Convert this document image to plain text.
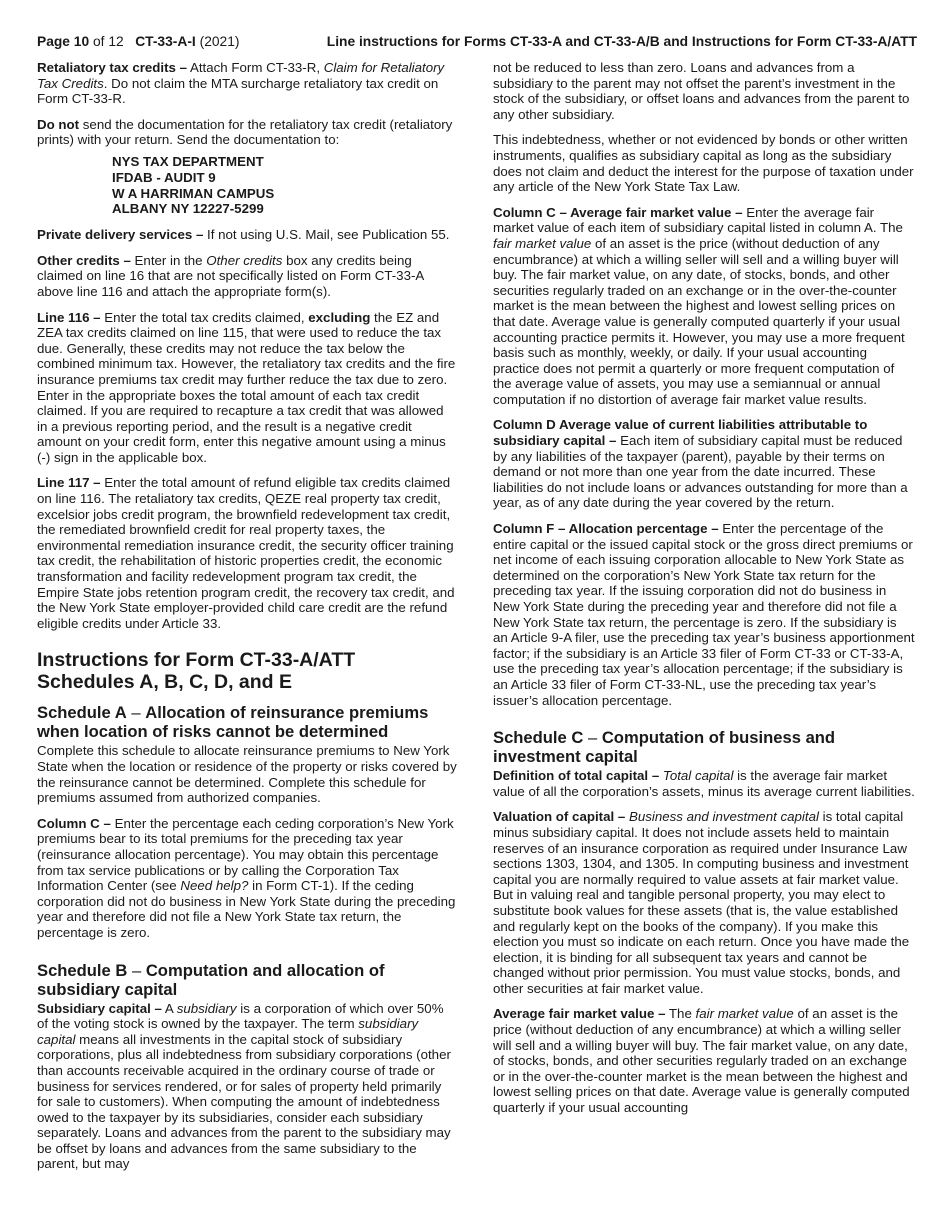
Page 10 of 12 CT-33-A-I (2021)	Line instructions for Forms CT-33-A and CT-33-A/B and Instructions for Form CT-33-A/ATT

Retaliatory tax credits – Attach Form CT-33-R, Claim for Retaliatory Tax Credits. Do not claim the MTA surcharge retaliatory tax credit on Form CT-33-R.

Do not send the documentation for the retaliatory tax credit (retaliatory prints) with your return. Send the documentation to:

NYS TAX DEPARTMENT
IFDAB - AUDIT 9
W A HARRIMAN CAMPUS
ALBANY NY 12227-5299

Private delivery services – If not using U.S. Mail, see Publication 55.

Other credits – Enter in the Other credits box any credits being claimed on line 16 that are not specifically listed on Form CT-33-A above line 116 and attach the appropriate form(s).

Line 116 – Enter the total tax credits claimed, excluding the EZ and ZEA tax credits claimed on line 115, that were used to reduce the tax due. Generally, these credits may not reduce the tax below the combined minimum tax. However, the retaliatory tax credits and the fire insurance premiums tax credit may further reduce the tax due to zero. Enter in the appropriate boxes the total amount of each tax credit claimed. If you are required to recapture a tax credit that was allowed in a previous reporting period, and the result is a negative credit amount on your credit form, enter this negative amount using a minus (-) sign in the applicable box.

Line 117 – Enter the total amount of refund eligible tax credits claimed on line 116. The retaliatory tax credits, QEZE real property tax credit, excelsior jobs credit program, the brownfield redevelopment tax credit, the remediated brownfield credit for real property taxes, the environmental remediation insurance credit, the security officer training tax credit, the rehabilitation of historic properties credit, the economic transformation and facility redevelopment program tax credit, the Empire State jobs retention program credit, the recovery tax credit, and the New York State employer-provided child care credit are the refund eligible credits under Article 33.

Instructions for Form CT-33-A/ATT
Schedules A, B, C, D, and E
Schedule A – Allocation of reinsurance premiums when location of risks cannot be determined

Complete this schedule to allocate reinsurance premiums to New York State when the location or residence of the property or risks covered by the reinsurance cannot be determined. Complete this schedule for premiums assumed from authorized companies.

Column C – Enter the percentage each ceding corporation’s New York premiums bear to its total premiums for the preceding tax year (reinsurance allocation percentage). You may obtain this percentage from tax service publications or by calling the Corporation Tax Information Center (see Need help? in Form CT-1). If the ceding corporation did not do business in New York State during the preceding year and therefore did not file a New York State tax return, the percentage is zero.

Schedule B – Computation and allocation of subsidiary capital

Subsidiary capital – A subsidiary is a corporation of which over 50% of the voting stock is owned by the taxpayer. The term subsidiary capital means all investments in the capital stock of subsidiary corporations, plus all indebtedness from subsidiary corporations (other than accounts receivable acquired in the ordinary course of trade or business for services rendered, or for sales of property held primarily for sale to customers). When computing the amount of indebtedness owed to the taxpayer by its subsidiaries, consider each subsidiary separately. Loans and advances from the parent to the subsidiary may be offset by loans and advances from the same subsidiary to the parent, but may

not be reduced to less than zero. Loans and advances from a subsidiary to the parent may not offset the parent’s investment in the stock of the subsidiary, or offset loans and advances from the parent to any other subsidiary.

This indebtedness, whether or not evidenced by bonds or other written instruments, qualifies as subsidiary capital as long as the subsidiary does not claim and deduct the interest for the purpose of taxation under any article of the New York State Tax Law.

Column C – Average fair market value – Enter the average fair market value of each item of subsidiary capital listed in column A. The fair market value of an asset is the price (without deduction of any encumbrance) at which a willing seller will sell and a willing buyer will buy. The fair market value, on any date, of stocks, bonds, and other securities regularly traded on an exchange or in the over-the-counter market is the mean between the highest and lowest selling prices on that date. Average value is generally computed quarterly if your usual accounting practice permits it. However, you may use a more frequent basis such as monthly, weekly, or daily. If your usual accounting practice does not permit a quarterly or more frequent computation of the average value of assets, you may use a semiannual or annual computation if no distortion of average fair market value results.

Column D Average value of current liabilities attributable to subsidiary capital – Each item of subsidiary capital must be reduced by any liabilities of the taxpayer (parent), payable by their terms on demand or not more than one year from the date incurred. These liabilities do not include loans or advances outstanding for more than a year, as of any date during the year covered by the return.

Column F – Allocation percentage – Enter the percentage of the entire capital or the issued capital stock or the gross direct premiums or net income of each issuing corporation allocable to New York State as determined on the corporation’s New York State tax return for the preceding tax year. If the issuing corporation did not do business in New York State during the preceding year and therefore did not file a New York State tax return, the percentage is zero. If the subsidiary is an Article 9-A filer, use the preceding tax year’s business apportionment factor; if the subsidiary is an Article 33 filer of Form CT-33 or CT-33-A, use the preceding tax year’s allocation percentage; if the subsidiary is an Article 33 filer of Form CT-33-NL, use the preceding tax year’s issuer’s allocation percentage.

Schedule C – Computation of business and investment capital

Definition of total capital – Total capital is the average fair market value of all the corporation’s assets, minus its average current liabilities.

Valuation of capital – Business and investment capital is total capital minus subsidiary capital. It does not include assets held to maintain reserves of an insurance corporation as required under Insurance Law sections 1303, 1304, and 1305. In computing business and investment capital you are normally required to value assets at fair market value. But in valuing real and tangible personal property, you may elect to substitute book values for these assets (that is, the value established and regularly kept on the books of the company). If you make this election you must so indicate on each return. Once you have made the election, it is binding for all subsequent tax years and cannot be changed without prior permission. You must value stocks, bonds, and other securities at fair market value.

Average fair market value – The fair market value of an asset is the price (without deduction of any encumbrance) at which a willing seller will sell and a willing buyer will buy. The fair market value, on any date, of stocks, bonds, and other securities regularly traded on an exchange or in the over-the-counter market is the mean between the highest and lowest selling prices on that date. Average value is generally computed quarterly if your usual accounting
